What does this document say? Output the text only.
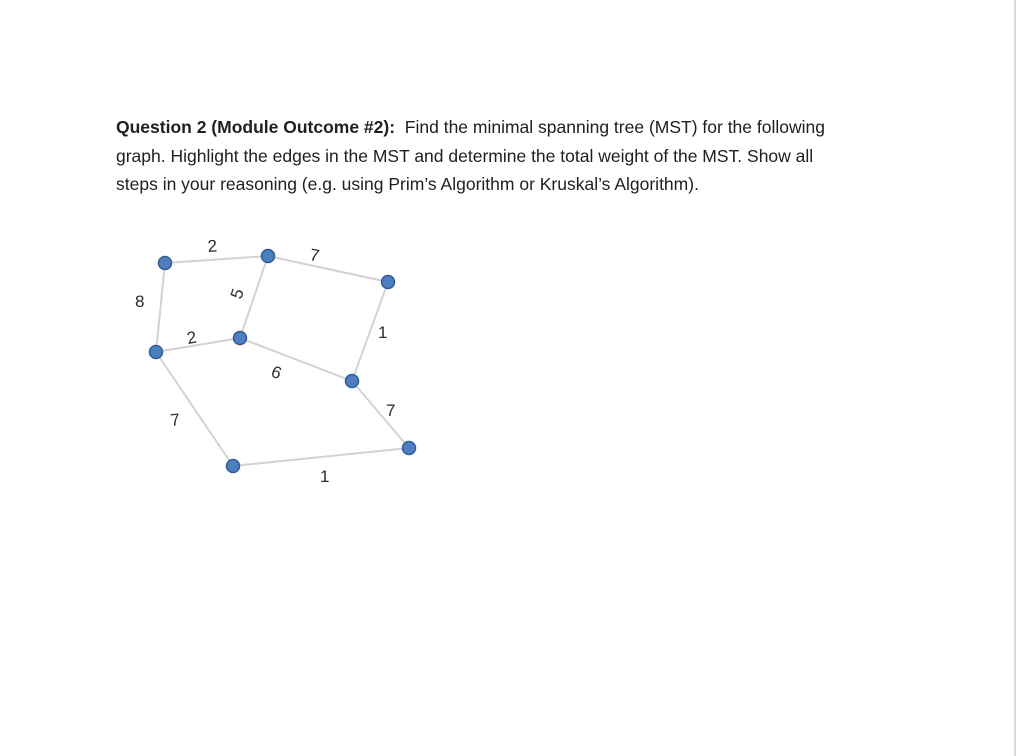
Question 2 (Module Outcome #2): Find the minimal spanning tree (MST) for the following
graph. Highlight the edges in the MST and determine the total weight of the MST. Show all
steps in your reasoning (e.g. using Prim’s Algorithm or Kruskal’s Algorithm).
2	7
8	5
2	1
6
7	7
1
